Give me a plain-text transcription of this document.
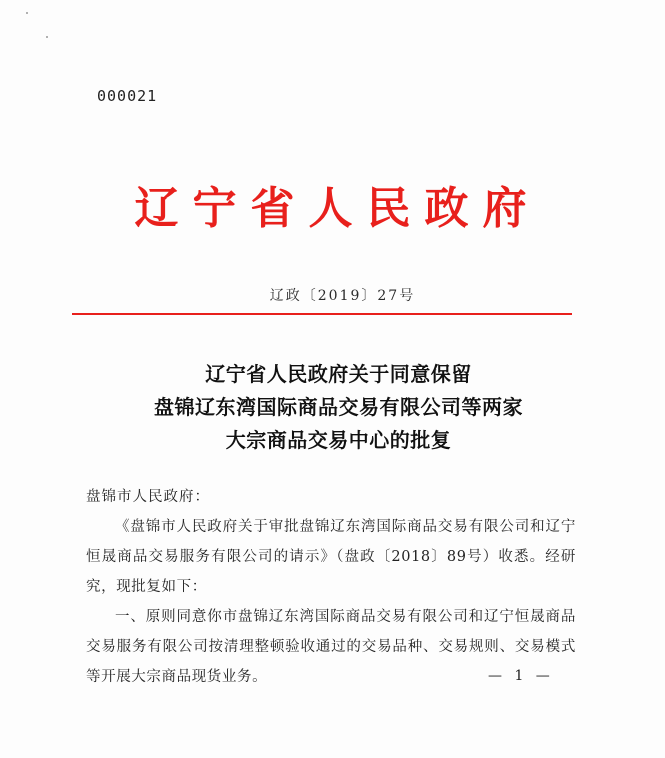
000021
辽宁省人民政府
辽政〔2019〕27号
辽宁省人民政府关于同意保留
盘锦辽东湾国际商品交易有限公司等两家
大宗商品交易中心的批复
盘锦市人民政府：
《盘锦市人民政府关于审批盘锦辽东湾国际商品交易有限公司和辽宁恒晟商品交易服务有限公司的请示》（盘政〔2018〕89号）收悉。经研究，现批复如下：
一、原则同意你市盘锦辽东湾国际商品交易有限公司和辽宁恒晟商品交易服务有限公司按清理整顿验收通过的交易品种、交易规则、交易模式等开展大宗商品现货业务。	— 1 —
